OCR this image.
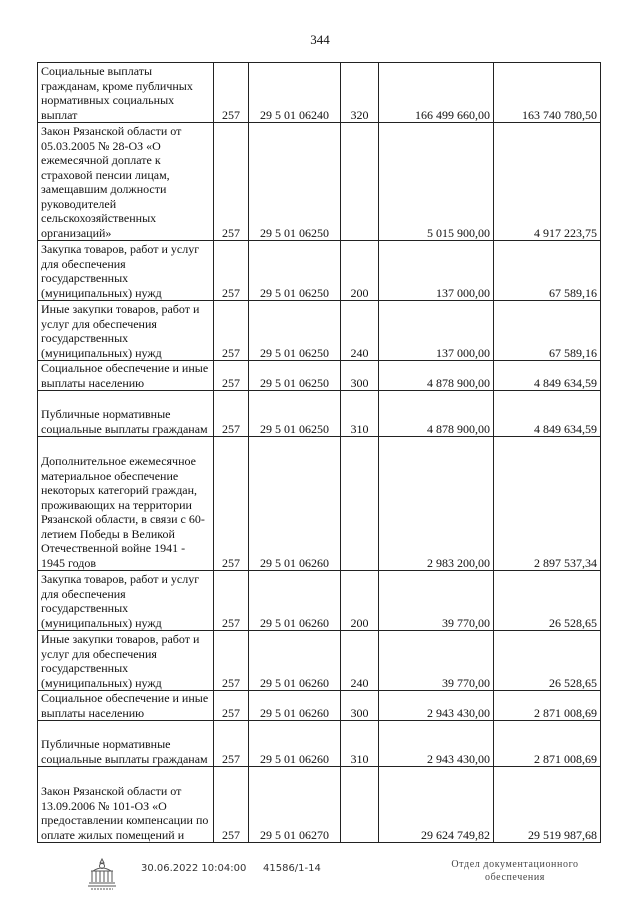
344
Социальные выплаты гражданам, кроме публичных нормативных социальных выплат	257	29 5 01 06240	320	166 499 660,00	163 740 780,50
Закон Рязанской области от 05.03.2005 № 28-ОЗ «О ежемесячной доплате к страховой пенсии лицам, замещавшим должности руководителей сельскохозяйственных организаций»	257	29 5 01 06250		5 015 900,00	4 917 223,75
Закупка товаров, работ и услуг для обеспечения государственных (муниципальных) нужд	257	29 5 01 06250	200	137 000,00	67 589,16
Иные закупки товаров, работ и услуг для обеспечения государственных (муниципальных) нужд	257	29 5 01 06250	240	137 000,00	67 589,16
Социальное обеспечение и иные выплаты населению	257	29 5 01 06250	300	4 878 900,00	4 849 634,59
Публичные нормативные социальные выплаты гражданам	257	29 5 01 06250	310	4 878 900,00	4 849 634,59
Дополнительное ежемесячное материальное обеспечение некоторых категорий граждан, проживающих на территории Рязанской области, в связи с 60-летием Победы в Великой Отечественной войне 1941 - 1945 годов	257	29 5 01 06260		2 983 200,00	2 897 537,34
Закупка товаров, работ и услуг для обеспечения государственных (муниципальных) нужд	257	29 5 01 06260	200	39 770,00	26 528,65
Иные закупки товаров, работ и услуг для обеспечения государственных (муниципальных) нужд	257	29 5 01 06260	240	39 770,00	26 528,65
Социальное обеспечение и иные выплаты населению	257	29 5 01 06260	300	2 943 430,00	2 871 008,69
Публичные нормативные социальные выплаты гражданам	257	29 5 01 06260	310	2 943 430,00	2 871 008,69
Закон Рязанской области от 13.09.2006 № 101-ОЗ «О предоставлении компенсации по оплате жилых помещений и	257	29 5 01 06270		29 624 749,82	29 519 987,68
30.06.2022 10:04:00 41586/1-14	Отдел документационного
обеспечения
